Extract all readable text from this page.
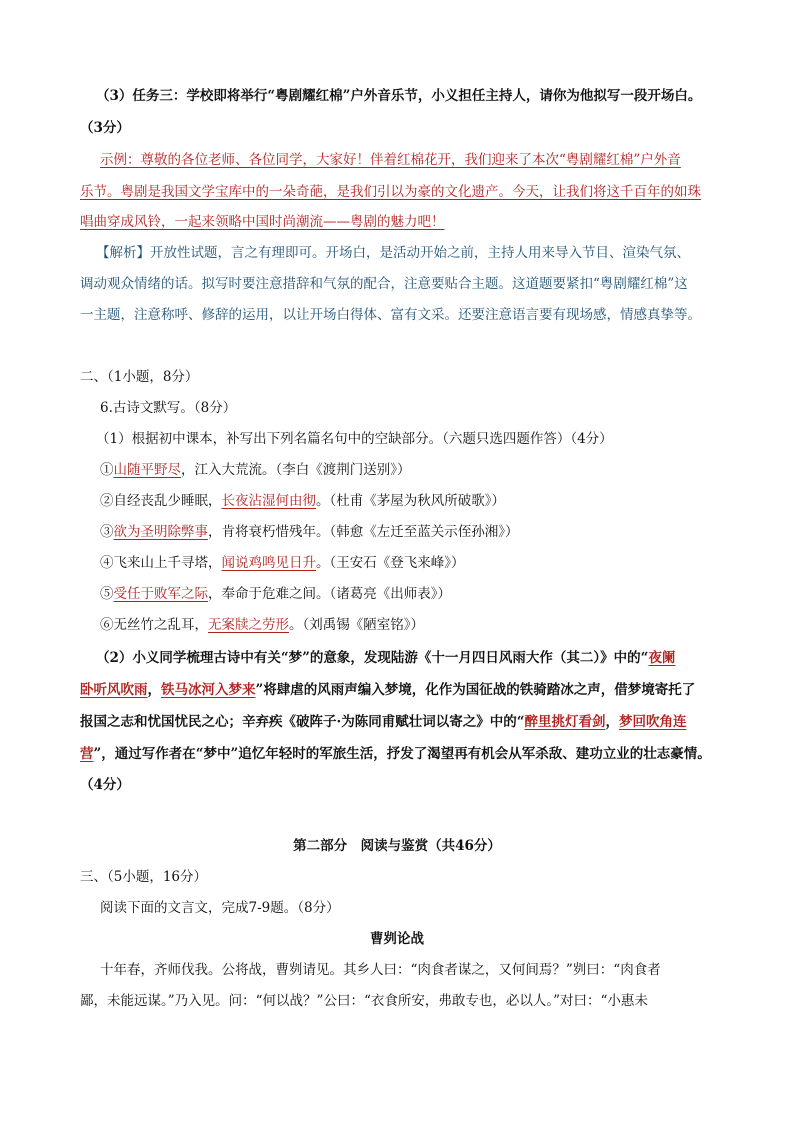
（3）任务三：学校即将举行“粤剧耀红棉”户外音乐节，小义担任主持人，请你为他拟写一段开场白。
（3分）
示例：尊敬的各位老师、各位同学，大家好！伴着红棉花开，我们迎来了本次“粤剧耀红棉”户外音
乐节。粤剧是我国文学宝库中的一朵奇葩，是我们引以为豪的文化遗产。今天，让我们将这千百年的如珠
唱曲穿成风铃，一起来领略中国时尚潮流——粤剧的魅力吧！
【解析】开放性试题，言之有理即可。开场白，是活动开始之前，主持人用来导入节目、渲染气氛、
调动观众情绪的话。拟写时要注意措辞和气氛的配合，注意要贴合主题。这道题要紧扣“粤剧耀红棉”这
一主题，注意称呼、修辞的运用，以让开场白得体、富有文采。还要注意语言要有现场感，情感真挚等。
二、（1小题，8分）
6.古诗文默写。（8分）
（1）根据初中课本，补写出下列名篇名句中的空缺部分。（六题只选四题作答）（4分）
①山随平野尽，江入大荒流。（李白《渡荆门送别》）
②自经丧乱少睡眠，长夜沾湿何由彻。（杜甫《茅屋为秋风所破歌》）
③欲为圣明除弊事，肯将衰朽惜残年。（韩愈《左迁至蓝关示侄孙湘》）
④飞来山上千寻塔，闻说鸡鸣见日升。（王安石《登飞来峰》）
⑤受任于败军之际，奉命于危难之间。（诸葛亮《出师表》）
⑥无丝竹之乱耳，无案牍之劳形。（刘禹锡《陋室铭》）
（2）小义同学梳理古诗中有关“梦”的意象，发现陆游《十一月四日风雨大作（其二）》中的“夜阑
卧听风吹雨，铁马冰河入梦来”将肆虐的风雨声编入梦境，化作为国征战的铁骑踏冰之声，借梦境寄托了
报国之志和忧国忧民之心；辛弃疾《破阵子·为陈同甫赋壮词以寄之》中的“醉里挑灯看剑，梦回吹角连
营”，通过写作者在“梦中”追忆年轻时的军旅生活，抒发了渴望再有机会从军杀敌、建功立业的壮志豪情。
（4分）
第二部分　阅读与鉴赏（共46分）
三、（5小题，16分）
阅读下面的文言文，完成7-9题。（8分）
曹刿论战
十年春，齐师伐我。公将战，曹刿请见。其乡人曰：“肉食者谋之，又何间焉？”刿曰：“肉食者
鄙，未能远谋。”乃入见。问：“何以战？”公曰：“衣食所安，弗敢专也，必以人。”对曰：“小惠未
